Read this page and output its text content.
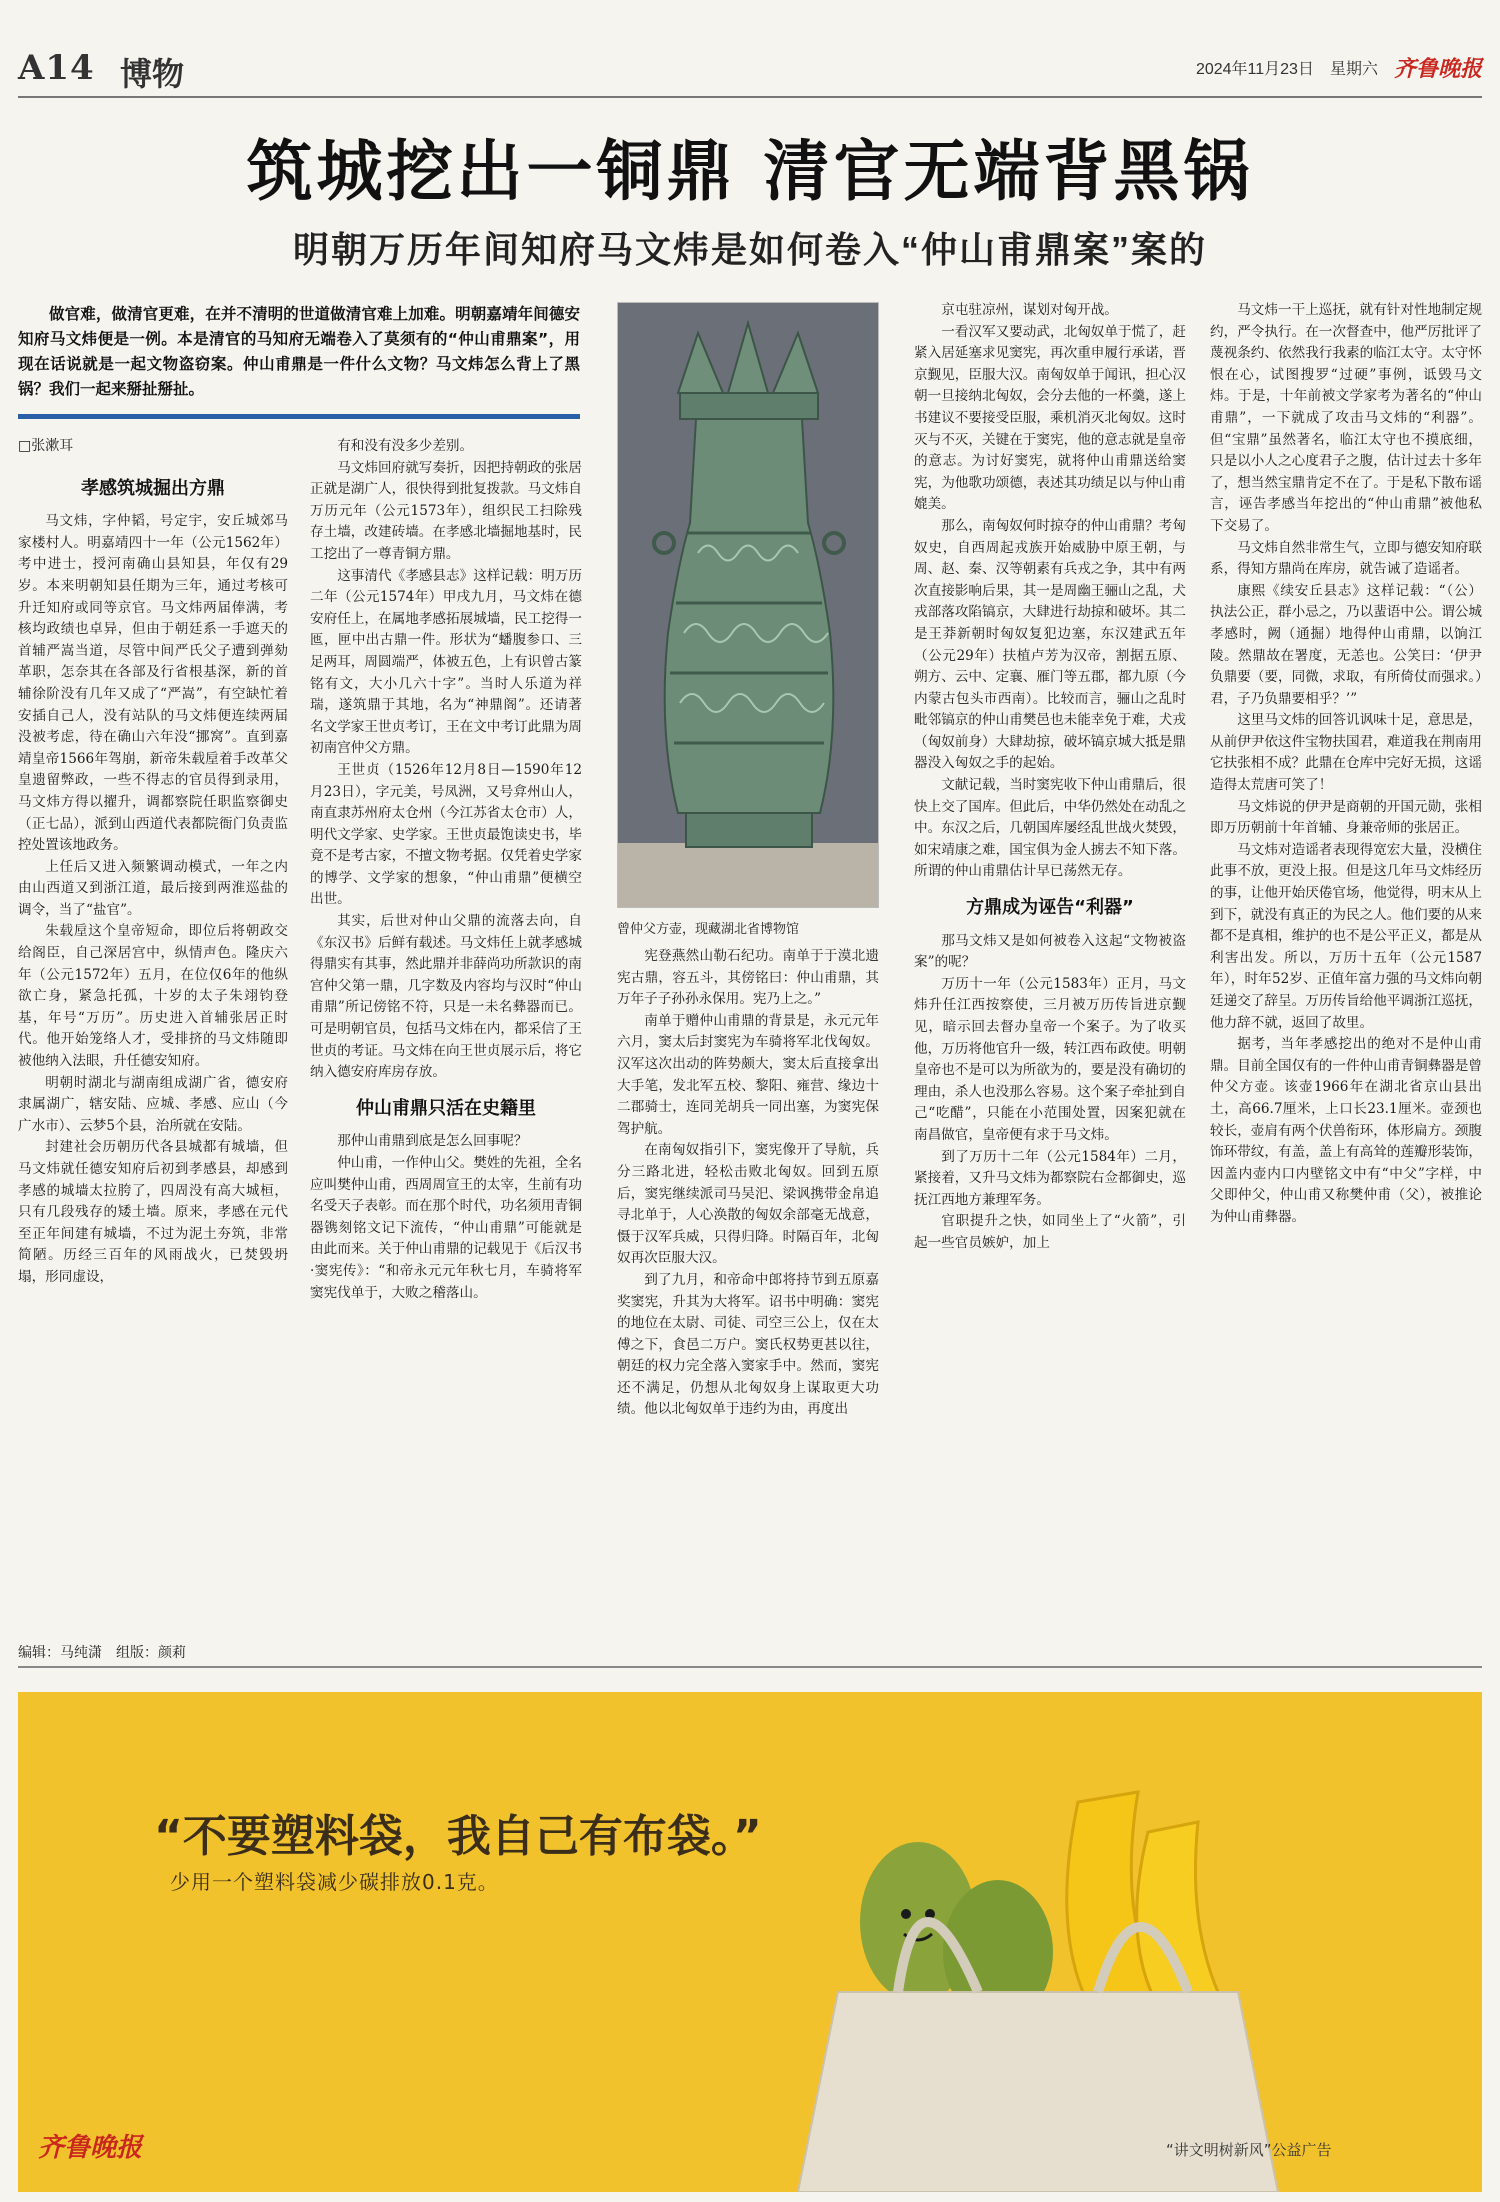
A14 博物	2024年11月23日 星期六 齐鲁晚报
筑城挖出一铜鼎 清官无端背黑锅
明朝万历年间知府马文炜是如何卷入“仲山甫鼎案”案的

做官难，做清官更难，在并不清明的世道做清官难上加难。明朝嘉靖年间德安知府马文炜便是一例。本是清官的马知府无端卷入了莫须有的“仲山甫鼎案”，用现在话说就是一起文物盗窃案。仲山甫鼎是一件什么文物？马文炜怎么背上了黑锅？我们一起来掰扯掰扯。

□张漱耳

孝感筑城掘出方鼎

马文炜，字仲韬，号定宇，安丘城郊马家楼村人。明嘉靖四十一年（公元1562年）考中进士，授河南确山县知县，年仅有29岁。本来明朝知县任期为三年，通过考核可升迁知府或同等京官。马文炜两届俸满，考核均政绩也卓异，但由于朝廷系一手遮天的首辅严嵩当道，尽管中间严氏父子遭到弹劾革职，怎奈其在各部及行省根基深，新的首辅徐阶没有几年又成了“严嵩”，有空缺忙着安插自己人，没有站队的马文炜便连续两届没被考虑，待在确山六年没“挪窝”。直到嘉靖皇帝1566年驾崩，新帝朱载垕着手改革父皇遗留弊政，一些不得志的官员得到录用，马文炜方得以擢升，调都察院任职监察御史（正七品），派到山西道代表都院衙门负责监控处置该地政务。

上任后又进入频繁调动模式，一年之内由山西道又到浙江道，最后接到两淮巡盐的调令，当了“盐官”。

朱载垕这个皇帝短命，即位后将朝政交给阁臣，自己深居宫中，纵情声色。隆庆六年（公元1572年）五月，在位仅6年的他纵欲亡身，紧急托孤，十岁的太子朱翊钧登基，年号“万历”。历史进入首辅张居正时代。他开始笼络人才，受排挤的马文炜随即被他纳入法眼，升任德安知府。

明朝时湖北与湖南组成湖广省，德安府隶属湖广，辖安陆、应城、孝感、应山（今广水市）、云梦5个县，治所就在安陆。

封建社会历朝历代各县城都有城墙，但马文炜就任德安知府后初到孝感县，却感到孝感的城墙太拉胯了，四周没有高大城桓，只有几段残存的矮土墙。原来，孝感在元代至正年间建有城墙，不过为泥土夯筑，非常简陋。历经三百年的风雨战火，已焚毁坍塌，形同虚设，

有和没有没多少差别。

马文炜回府就写奏折，因把持朝政的张居正就是湖广人，很快得到批复拨款。马文炜自万历元年（公元1573年），组织民工扫除残存土墙，改建砖墙。在孝感北墙掘地基时，民工挖出了一尊青铜方鼎。

这事清代《孝感县志》这样记载：明万历二年（公元1574年）甲戌九月，马文炜在德安府任上，在属地孝感拓展城墙，民工挖得一匜，匣中出古鼎一件。形状为“蟠腹参口、三足两耳，周圆端严，体被五色，上有识曾古篆铭有文，大小几六十字”。当时人乐道为祥瑞，遂筑鼎于其地，名为“神鼎阁”。还请著名文学家王世贞考订，王在文中考订此鼎为周初南宫仲父方鼎。

王世贞（1526年12月8日—1590年12月23日），字元美，号凤洲，又号弇州山人，南直隶苏州府太仓州（今江苏省太仓市）人，明代文学家、史学家。王世贞最饱读史书，毕竟不是考古家，不擅文物考据。仅凭着史学家的博学、文学家的想象，“仲山甫鼎”便横空出世。

其实，后世对仲山父鼎的流落去向，自《东汉书》后鲜有载述。马文炜任上就孝感城得鼎实有其事，然此鼎并非薛尚功所款识的南宫仲父第一鼎，几字数及内容均与汉时“仲山甫鼎”所记傍铭不符，只是一未名彝器而已。可是明朝官员，包括马文炜在内，都采信了王世贞的考证。马文炜在向王世贞展示后，将它纳入德安府库房存放。

仲山甫鼎只活在史籍里

那仲山甫鼎到底是怎么回事呢？

仲山甫，一作仲山父。樊姓的先祖，全名应叫樊仲山甫，西周周宣王的太宰，生前有功名受天子表彰。而在那个时代，功名须用青铜器镌刻铭文记下流传，“仲山甫鼎”可能就是由此而来。关于仲山甫鼎的记载见于《后汉书·窦宪传》：“和帝永元元年秋七月，车骑将军窦宪伐单于，大败之稽落山。

曾仲父方壶，现藏湖北省博物馆

宪登燕然山勒石纪功。南单于于漠北遗宪古鼎，容五斗，其傍铭曰：仲山甫鼎，其万年子子孙孙永保用。宪乃上之。”

南单于赠仲山甫鼎的背景是，永元元年六月，窦太后封窦宪为车骑将军北伐匈奴。汉军这次出动的阵势颇大，窦太后直接拿出大手笔，发北军五校、黎阳、雍营、缘边十二郡骑士，连同羌胡兵一同出塞，为窦宪保驾护航。

在南匈奴指引下，窦宪像开了导航，兵分三路北进，轻松击败北匈奴。回到五原后，窦宪继续派司马吴汜、梁讽携带金帛追寻北单于，人心涣散的匈奴余部毫无战意，慑于汉军兵威，只得归降。时隔百年，北匈奴再次臣服大汉。

到了九月，和帝命中郎将持节到五原嘉奖窦宪，升其为大将军。诏书中明确：窦宪的地位在太尉、司徒、司空三公上，仅在太傅之下，食邑二万户。窦氏权势更甚以往，朝廷的权力完全落入窦家手中。然而，窦宪还不满足，仍想从北匈奴身上谋取更大功绩。他以北匈奴单于违约为由，再度出

京屯驻凉州，谋划对匈开战。

一看汉军又要动武，北匈奴单于慌了，赶紧入居延塞求见窦宪，再次重申履行承诺，晋京觐见，臣服大汉。南匈奴单于闻讯，担心汉朝一旦接纳北匈奴，会分去他的一杯羹，遂上书建议不要接受臣服，乘机消灭北匈奴。这时灭与不灭，关键在于窦宪，他的意志就是皇帝的意志。为讨好窦宪，就将仲山甫鼎送给窦宪，为他歌功颂德，表述其功绩足以与仲山甫媲美。

那么，南匈奴何时掠夺的仲山甫鼎？考匈奴史，自西周起戎族开始威胁中原王朝，与周、赵、秦、汉等朝素有兵戎之争，其中有两次直接影响后果，其一是周幽王骊山之乱，犬戎部落攻陷镐京，大肆进行劫掠和破坏。其二是王莽新朝时匈奴复犯边塞，东汉建武五年（公元29年）扶植卢芳为汉帝，割据五原、朔方、云中、定襄、雁门等五郡，都九原（今内蒙古包头市西南）。比较而言，骊山之乱时毗邻镐京的仲山甫樊邑也未能幸免于难，犬戎（匈奴前身）大肆劫掠，破坏镐京城大抵是鼎器没入匈奴之手的起始。

文献记载，当时窦宪收下仲山甫鼎后，很快上交了国库。但此后，中华仍然处在动乱之中。东汉之后，几朝国库屡经乱世战火焚毁，如宋靖康之难，国宝俱为金人掳去不知下落。所谓的仲山甫鼎估计早已荡然无存。

方鼎成为诬告“利器”

那马文炜又是如何被卷入这起“文物被盗案”的呢？

万历十一年（公元1583年）正月，马文炜升任江西按察使，三月被万历传旨进京觐见，暗示回去督办皇帝一个案子。为了收买他，万历将他官升一级，转江西布政使。明朝皇帝也不是可以为所欲为的，要是没有确切的理由，杀人也没那么容易。这个案子牵扯到自己“吃醋”，只能在小范围处置，因案犯就在南昌做官，皇帝便有求于马文炜。

到了万历十二年（公元1584年）二月，紧接着，又升马文炜为都察院右佥都御史，巡抚江西地方兼理军务。

官职提升之快，如同坐上了“火箭”，引起一些官员嫉妒，加上

马文炜一干上巡抚，就有针对性地制定规约，严令执行。在一次督查中，他严厉批评了蔑视条约、依然我行我素的临江太守。太守怀恨在心，试图搜罗“过硬”事例，诋毁马文炜。于是，十年前被文学家考为著名的“仲山甫鼎”，一下就成了攻击马文炜的“利器”。但“宝鼎”虽然著名，临江太守也不摸底细，只是以小人之心度君子之腹，估计过去十多年了，想当然宝鼎肯定不在了。于是私下散布谣言，诬告孝感当年挖出的“仲山甫鼎”被他私下交易了。

马文炜自然非常生气，立即与德安知府联系，得知方鼎尚在库房，就告诫了造谣者。

康熙《续安丘县志》这样记载：“（公）执法公正，群小忌之，乃以蜚语中公。谓公城孝感时，阙（通掘）地得仲山甫鼎，以饷江陵。然鼎故在署度，无恙也。公笑曰：‘伊尹负鼎要（要，同微，求取，有所倚仗而强求。）君，子乃负鼎要相乎？’”

这里马文炜的回答讥讽味十足，意思是，从前伊尹依这件宝物扶国君，难道我在荆南用它扶张相不成？此鼎在仓库中完好无损，这谣造得太荒唐可笑了！

马文炜说的伊尹是商朝的开国元勋，张相即万历朝前十年首辅、身兼帝师的张居正。

马文炜对造谣者表现得宽宏大量，没横住此事不放，更没上报。但是这几年马文炜经历的事，让他开始厌倦官场，他觉得，明末从上到下，就没有真正的为民之人。他们要的从来都不是真相，维护的也不是公平正义，都是从利害出发。所以，万历十五年（公元1587年），时年52岁、正值年富力强的马文炜向朝廷递交了辞呈。万历传旨给他平调浙江巡抚，他力辞不就，返回了故里。

据考，当年孝感挖出的绝对不是仲山甫鼎。目前全国仅有的一件仲山甫青铜彝器是曾仲父方壶。该壶1966年在湖北省京山县出土，高66.7厘米，上口长23.1厘米。壶颈也较长，壶肩有两个伏兽衔环，体形扁方。颈腹饰环带纹，有盖，盖上有高耸的莲瓣形装饰，因盖内壶内口内壁铭文中有“中父”字样，中父即仲父，仲山甫又称樊仲甫（父），被推论为仲山甫彝器。

编辑：马纯潇　组版：颜莉
“不要塑料袋，我自己有布袋。”
少用一个塑料袋减少碳排放0.1克。
齐鲁晚报	“讲文明树新风”公益广告
